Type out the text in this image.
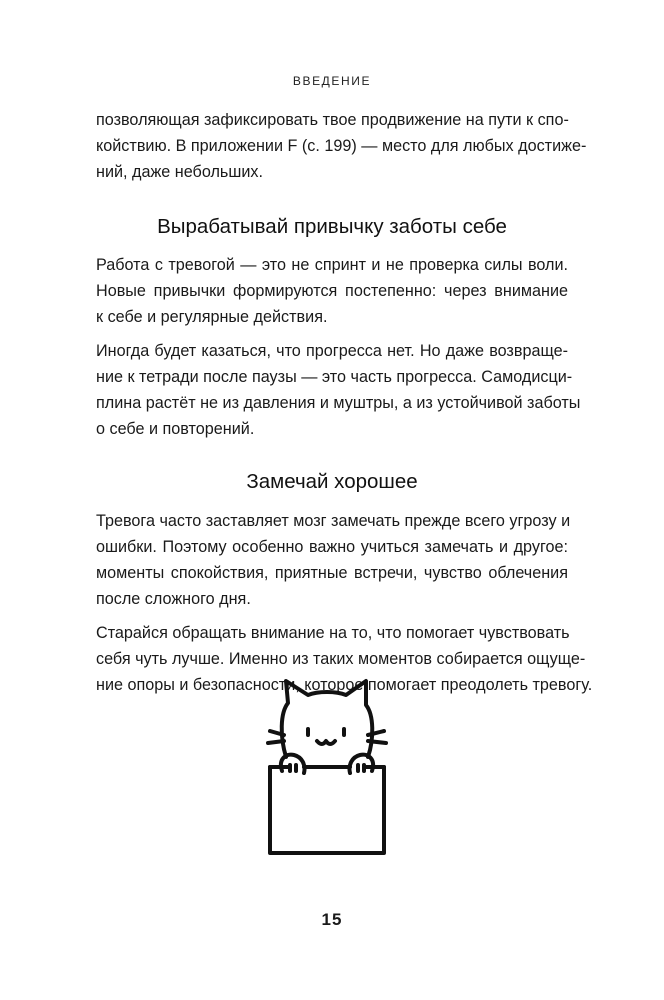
ВВЕДЕНИЕ

позволяющая зафиксировать твое продвижение на пути к спо-
койствию. В приложении F (с. 199) — место для любых достиже-
ний, даже небольших.

Вырабатывай привычку заботы себе

Работа с тревогой — это не спринт и не проверка силы воли.
Новые привычки формируются постепенно: через внимание
к себе и регулярные действия.

Иногда будет казаться, что прогресса нет. Но даже возвраще-
ние к тетради после паузы — это часть прогресса. Самодисци-
плина растёт не из давления и муштры, а из устойчивой заботы
о себе и повторений.

Замечай хорошее

Тревога часто заставляет мозг замечать прежде всего угрозу и
ошибки. Поэтому особенно важно учиться замечать и другое:
моменты спокойствия, приятные встречи, чувство облечения
после сложного дня.

Старайся обращать внимание на то, что помогает чувствовать
себя чуть лучше. Именно из таких моментов собирается ощуще-
ние опоры и безопасности, которое помогает преодолеть тревогу.

15
